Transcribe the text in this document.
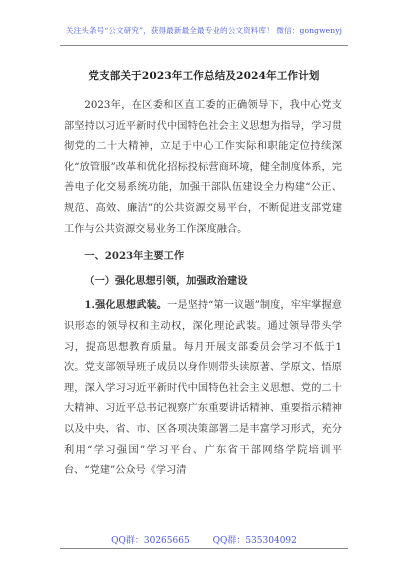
关注头条号“公文研究”，获得最新最全最专业的公文资料库！ 微信：gongwenyj
党支部关于2023年工作总结及2024年工作计划

2023年，在区委和区直工委的正确领导下，我中心党支部坚持以习近平新时代中国特色社会主义思想为指导，学习贯彻党的二十大精神，立足于中心工作实际和职能定位持续深化“放管服”改革和优化招标投标营商环境，健全制度体系，完善电子化交易系统功能，加强干部队伍建设全力构建“公正、规范、高效、廉洁”的公共资源交易平台，不断促进支部党建工作与公共资源交易业务工作深度融合。

一、2023年主要工作

（一）强化思想引领，加强政治建设

1.强化思想武装。一是坚持“第一议题”制度，牢牢掌握意识形态的领导权和主动权，深化理论武装。通过领导带头学习，提高思想教育质量。每月开展支部委员会学习不低于1次。党支部领导班子成员以身作则带头读原著、学原文、悟原理，深入学习习近平新时代中国特色社会主义思想、党的二十大精神、习近平总书记视察广东重要讲话精神、重要指示精神以及中央、省、市、区各项决策部署二是丰富学习形式，充分利用“学习强国”学习平台、广东省干部网络学院培训平台、“党建”公众号《学习清

QQ群：30265665	QQ群：535304092
